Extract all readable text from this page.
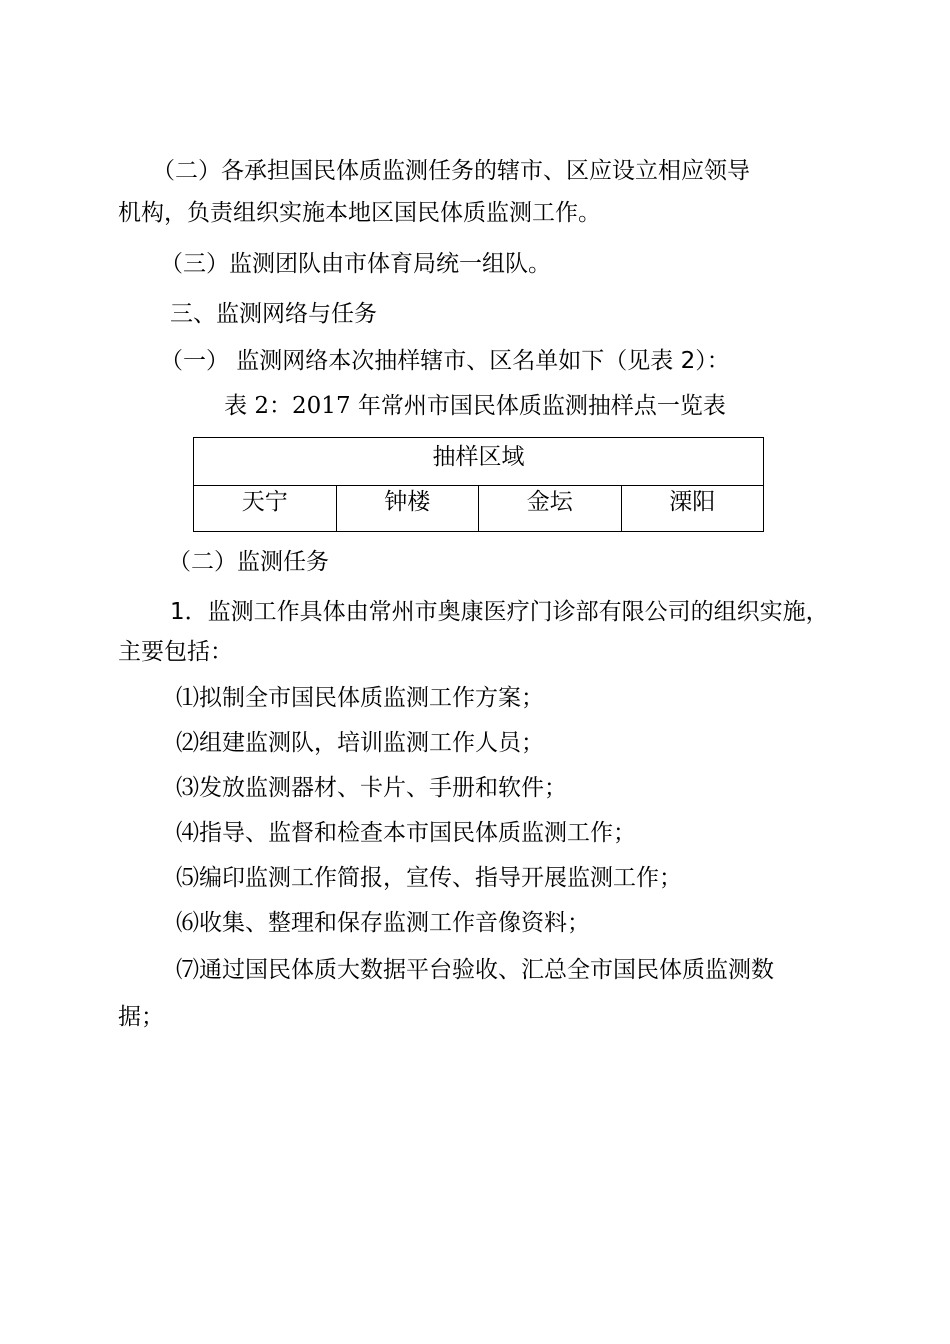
（二）各承担国民体质监测任务的辖市、区应设立相应领导

机构，负责组织实施本地区国民体质监测工作。

（三）监测团队由市体育局统一组队。

三、监测网络与任务

（一） 监测网络本次抽样辖市、区名单如下（见表 2）：

表 2：2017 年常州市国民体质监测抽样点一览表
抽样区域
天宁	钟楼	金坛	溧阳

（二）监测任务

1．监测工作具体由常州市奥康医疗门诊部有限公司的组织实施，

主要包括：

⑴拟制全市国民体质监测工作方案；

⑵组建监测队，培训监测工作人员；

⑶发放监测器材、卡片、手册和软件；

⑷指导、监督和检查本市国民体质监测工作；

⑸编印监测工作简报，宣传、指导开展监测工作；

⑹收集、整理和保存监测工作音像资料；

⑺通过国民体质大数据平台验收、汇总全市国民体质监测数

据；
